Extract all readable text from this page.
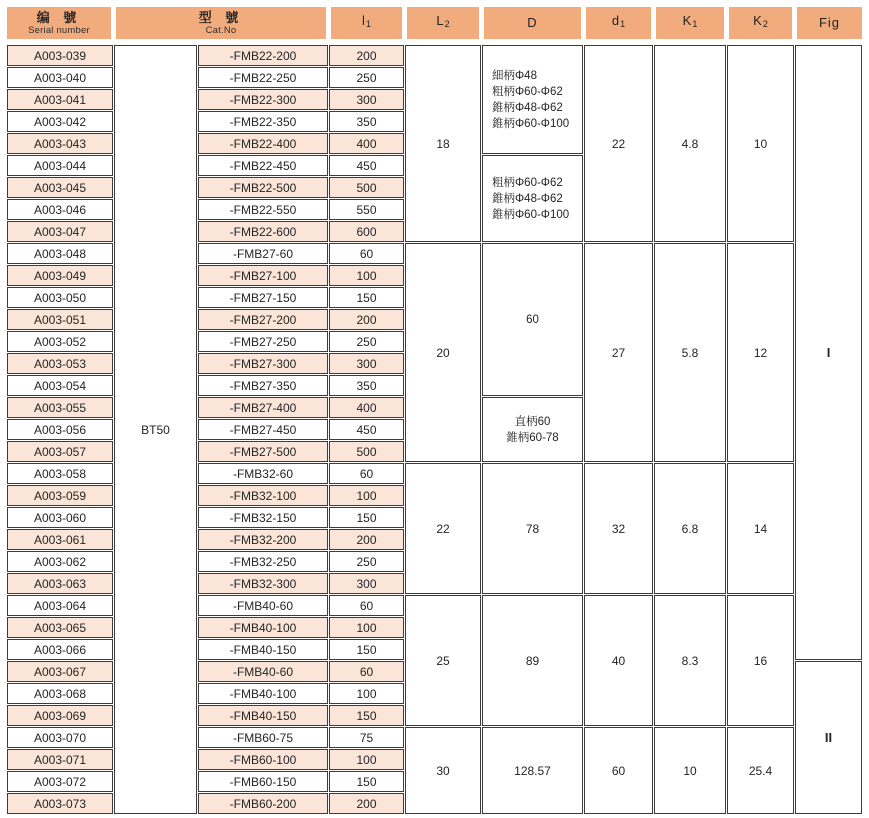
编 號
Serial number

型 號
Cat.No

$l_1$	$L_2$	D	$d_1$	$K_1$	$K_2$	Fig

A003-039	BT50	-FMB22-200	200	18	細柄Φ48
粗柄Φ60-Φ62
錐柄Φ48-Φ62
錐柄Φ60-Φ100	22	4.8	10	I
A003-040		-FMB22-250	250						
A003-041		-FMB22-300	300						
A003-042		-FMB22-350	350						
A003-043		-FMB22-400	400						
A003-044		-FMB22-450	450		粗柄Φ60-Φ62
錐柄Φ48-Φ62
錐柄Φ60-Φ100				

A003-045		-FMB22-500	500						
A003-046		-FMB22-550	550						
A003-047		-FMB22-600	600						
A003-048		-FMB27-60	60	20	60	27	5.8	12	
A003-049		-FMB27-100	100						
A003-050		-FMB27-150	150						
A003-051		-FMB27-200	200						
A003-052		-FMB27-250	250						
A003-053		-FMB27-300	300						
A003-054		-FMB27-350	350						
A003-055		-FMB27-400	400		直柄60
錐柄60-78				

A003-056		-FMB27-450	450						
A003-057		-FMB27-500	500						
A003-058		-FMB32-60	60	22	78	32	6.8	14	
A003-059		-FMB32-100	100						
A003-060		-FMB32-150	150						
A003-061		-FMB32-200	200						
A003-062		-FMB32-250	250						
A003-063		-FMB32-300	300						
A003-064		-FMB40-60	60	25	89	40	8.3	16	
A003-065		-FMB40-100	100						
A003-066		-FMB40-150	150						
A003-067		-FMB40-60	60						II
A003-068		-FMB40-100	100						
A003-069		-FMB40-150	150						
A003-070		-FMB60-75	75	30	128.57	60	10	25.4	
A003-071		-FMB60-100	100						
A003-072		-FMB60-150	150						
A003-073		-FMB60-200	200						
